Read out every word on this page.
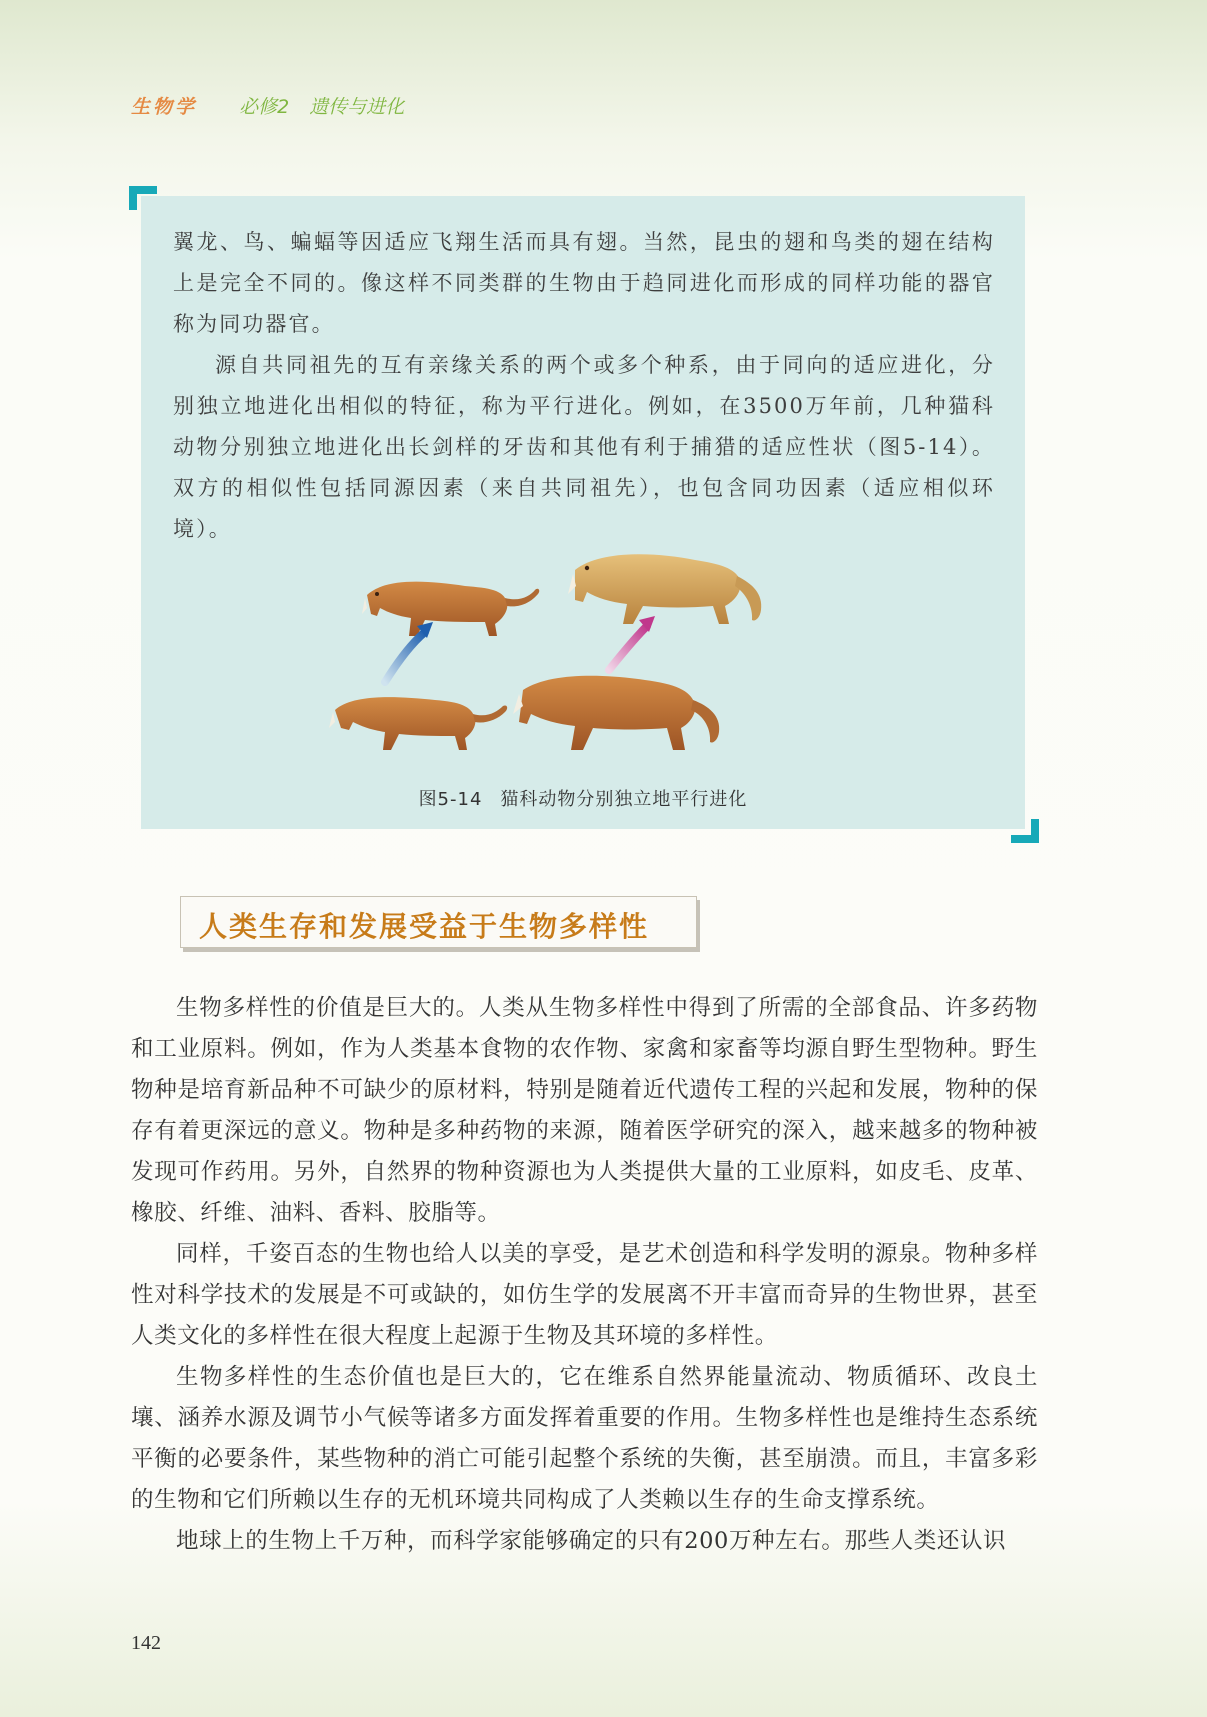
生物学 必修2 遗传与进化

翼龙、鸟、蝙蝠等因适应飞翔生活而具有翅。当然，昆虫的翅和鸟类的翅在结构上是完全不同的。像这样不同类群的生物由于趋同进化而形成的同样功能的器官称为同功器官。

源自共同祖先的互有亲缘关系的两个或多个种系，由于同向的适应进化，分别独立地进化出相似的特征，称为平行进化。例如，在3500万年前，几种猫科动物分别独立地进化出长剑样的牙齿和其他有利于捕猎的适应性状（图5-14）。双方的相似性包括同源因素（来自共同祖先），也包含同功因素（适应相似环境）。

图5-14 猫科动物分别独立地平行进化
人类生存和发展受益于生物多样性

生物多样性的价值是巨大的。人类从生物多样性中得到了所需的全部食品、许多药物和工业原料。例如，作为人类基本食物的农作物、家禽和家畜等均源自野生型物种。野生物种是培育新品种不可缺少的原材料，特别是随着近代遗传工程的兴起和发展，物种的保存有着更深远的意义。物种是多种药物的来源，随着医学研究的深入，越来越多的物种被发现可作药用。另外，自然界的物种资源也为人类提供大量的工业原料，如皮毛、皮革、橡胶、纤维、油料、香料、胶脂等。

同样，千姿百态的生物也给人以美的享受，是艺术创造和科学发明的源泉。物种多样性对科学技术的发展是不可或缺的，如仿生学的发展离不开丰富而奇异的生物世界，甚至人类文化的多样性在很大程度上起源于生物及其环境的多样性。

生物多样性的生态价值也是巨大的，它在维系自然界能量流动、物质循环、改良土壤、涵养水源及调节小气候等诸多方面发挥着重要的作用。生物多样性也是维持生态系统平衡的必要条件，某些物种的消亡可能引起整个系统的失衡，甚至崩溃。而且，丰富多彩的生物和它们所赖以生存的无机环境共同构成了人类赖以生存的生命支撑系统。

地球上的生物上千万种，而科学家能够确定的只有200万种左右。那些人类还认识

142
